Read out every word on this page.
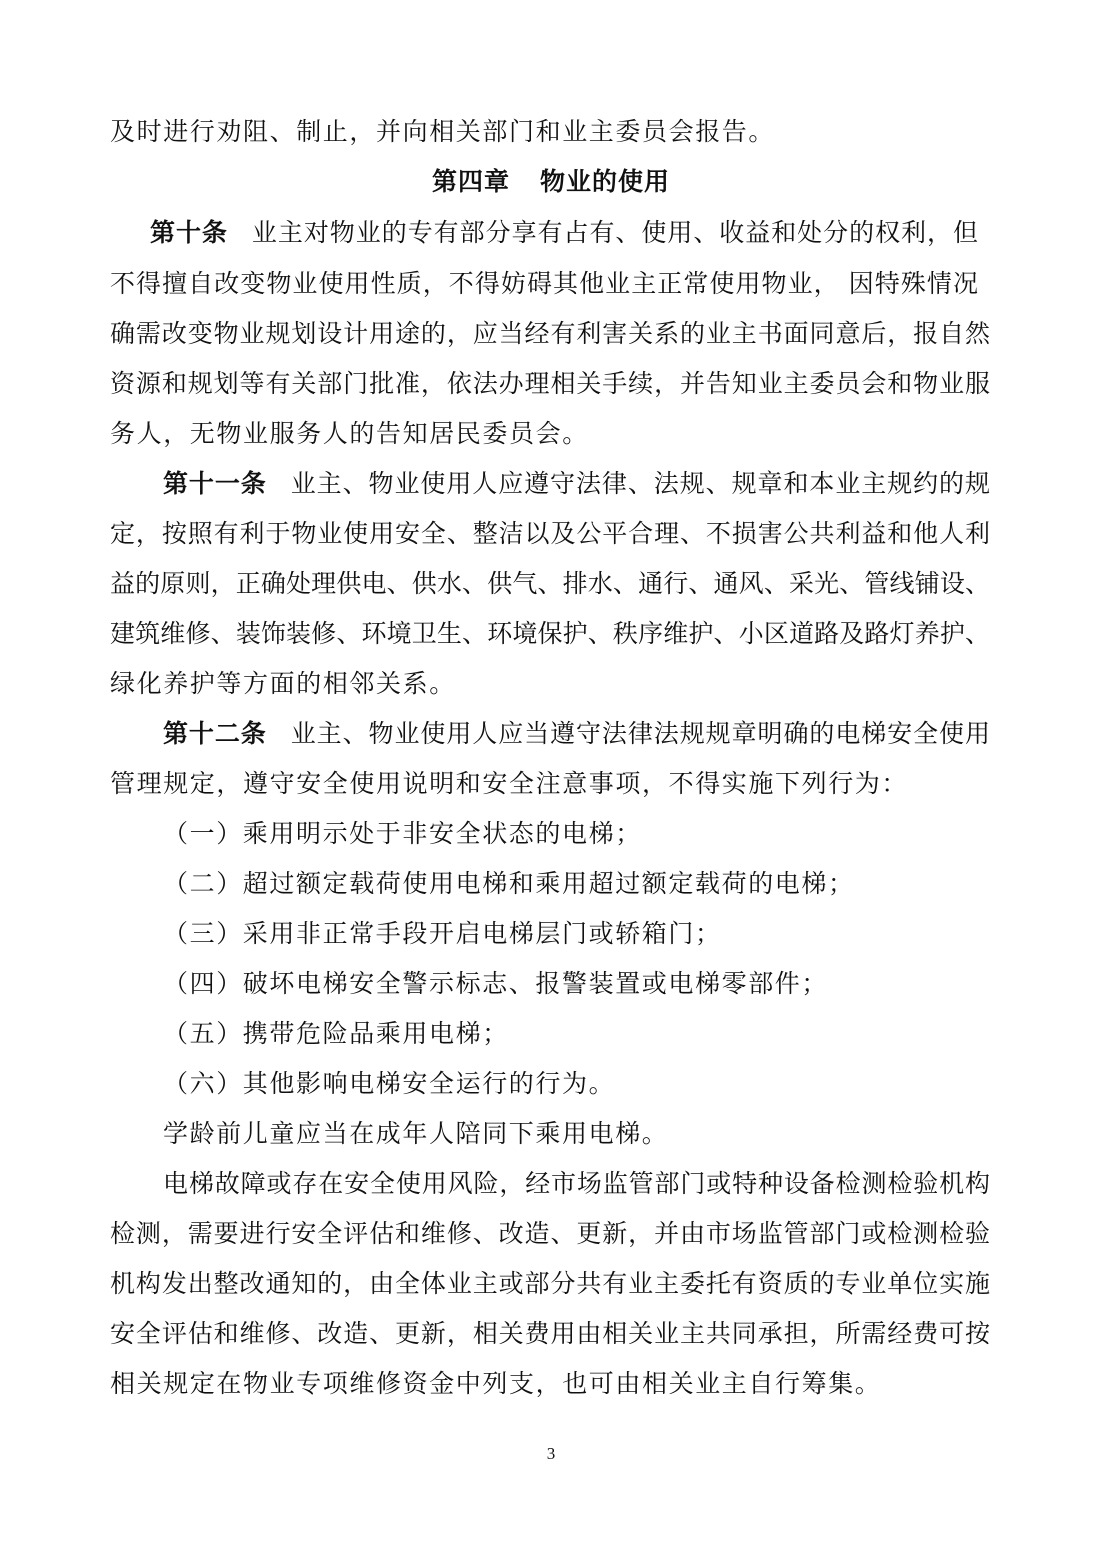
及时进行劝阻、制止，并向相关部门和业主委员会报告。
第四章 物业的使用
第十条 业主对物业的专有部分享有占有、使用、收益和处分的权利，但
不得擅自改变物业使用性质，不得妨碍其他业主正常使用物业， 因特殊情况
确需改变物业规划设计用途的，应当经有利害关系的业主书面同意后，报自然
资源和规划等有关部门批准，依法办理相关手续，并告知业主委员会和物业服
务人，无物业服务人的告知居民委员会。
第十一条 业主、物业使用人应遵守法律、法规、规章和本业主规约的规
定，按照有利于物业使用安全、整洁以及公平合理、不损害公共利益和他人利
益的原则，正确处理供电、供水、供气、排水、通行、通风、采光、管线铺设、
建筑维修、装饰装修、环境卫生、环境保护、秩序维护、小区道路及路灯养护、
绿化养护等方面的相邻关系。
第十二条 业主、物业使用人应当遵守法律法规规章明确的电梯安全使用
管理规定，遵守安全使用说明和安全注意事项，不得实施下列行为：
（一）乘用明示处于非安全状态的电梯；
（二）超过额定载荷使用电梯和乘用超过额定载荷的电梯；
（三）采用非正常手段开启电梯层门或轿箱门；
（四）破坏电梯安全警示标志、报警装置或电梯零部件；
（五）携带危险品乘用电梯；
（六）其他影响电梯安全运行的行为。
学龄前儿童应当在成年人陪同下乘用电梯。
电梯故障或存在安全使用风险，经市场监管部门或特种设备检测检验机构
检测，需要进行安全评估和维修、改造、更新，并由市场监管部门或检测检验
机构发出整改通知的，由全体业主或部分共有业主委托有资质的专业单位实施
安全评估和维修、改造、更新，相关费用由相关业主共同承担，所需经费可按
相关规定在物业专项维修资金中列支，也可由相关业主自行筹集。
3
